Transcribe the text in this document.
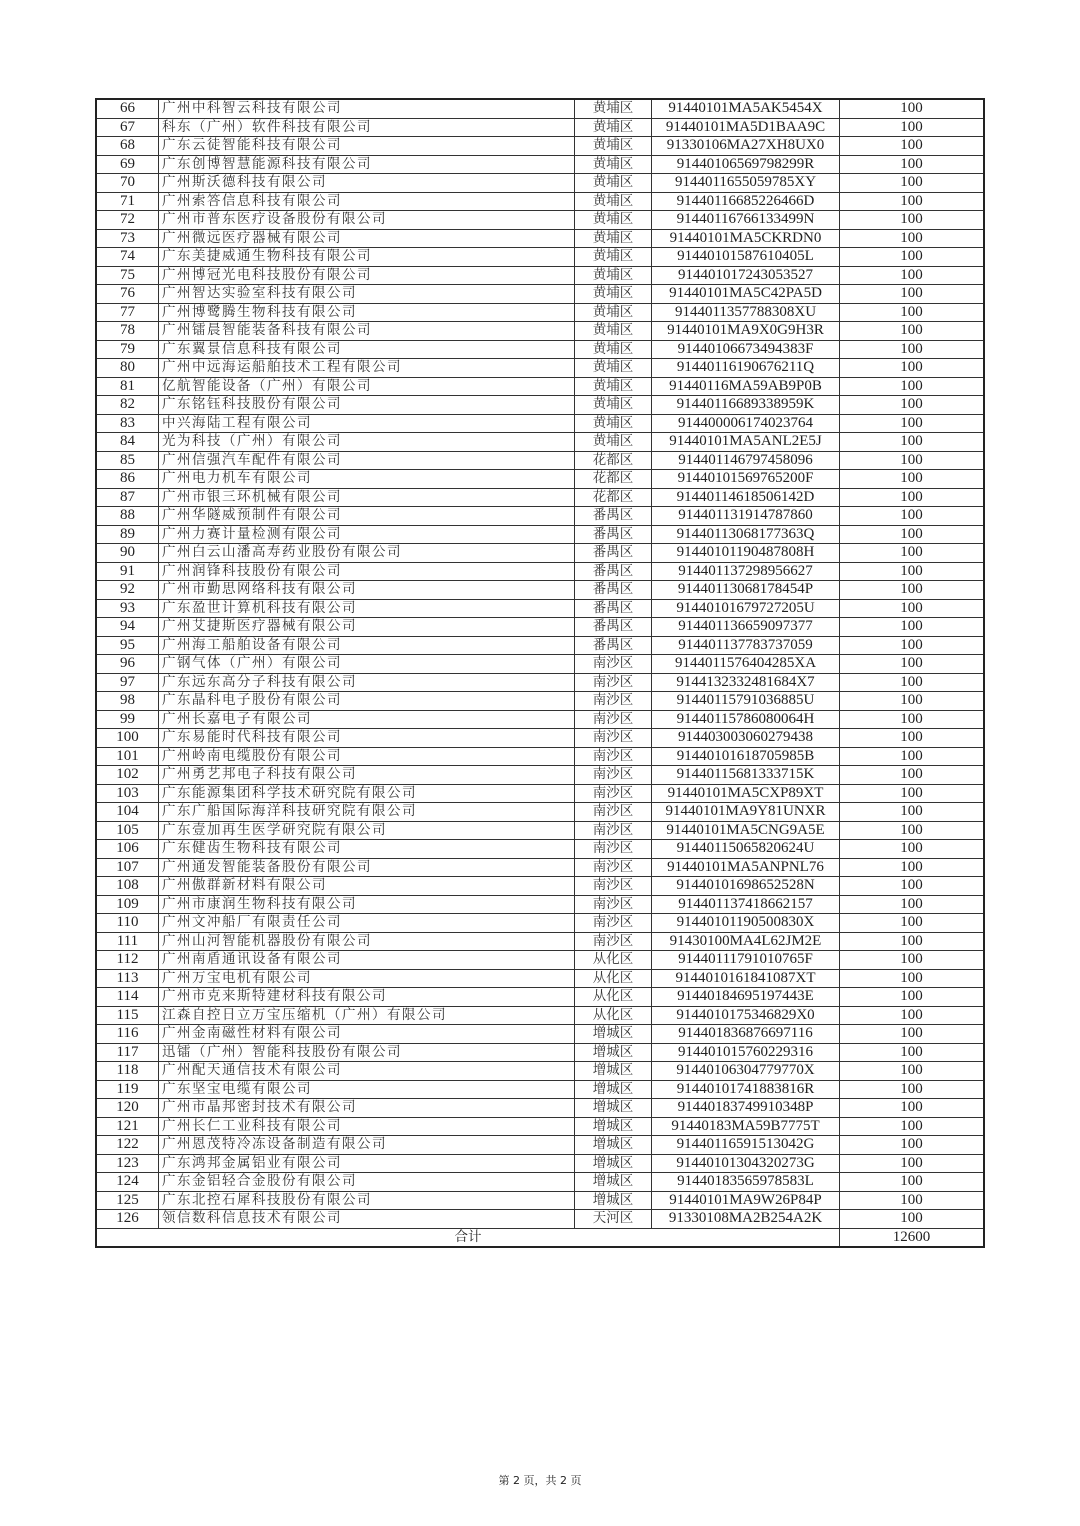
66	广州中科智云科技有限公司	黄埔区	91440101MA5AK5454X	100
67	科东（广州）软件科技有限公司	黄埔区	91440101MA5D1BAA9C	100
68	广东云徒智能科技有限公司	黄埔区	91330106MA27XH8UX0	100
69	广东创博智慧能源科技有限公司	黄埔区	914401065697982​99R	100
70	广州斯沃德科技有限公司	黄埔区	91440116550597​85XY	100
71	广州索答信息科技有限公司	黄埔区	91440116685226466D	100
72	广州市普东医疗设备股份有限公司	黄埔区	91440116766133499N	100
73	广州微远医疗器械有限公司	黄埔区	91440101MA5CKRDN0	100
74	广东美捷威通生物科技有限公司	黄埔区	91440101587610405L	100
75	广州博冠光电科技股份有限公司	黄埔区	91440101724305352​7	100
76	广州智达实验室科技有限公司	黄埔区	91440101MA5C42PA5D	100
77	广州博鹭腾生物科技有限公司	黄埔区	91440113577883​08XU	100
78	广州镭晨智能装备科技有限公司	黄埔区	91440101MA9X0G9H3R	100
79	广东翼景信息科技有限公司	黄埔区	91440106673494383F	100
80	广州中远海运船舶技术工程有限公司	黄埔区	91440116190676211Q	100
81	亿航智能设备（广州）有限公司	黄埔区	91440116MA59AB9P0B	100
82	广东铭钰科技股份有限公司	黄埔区	91440116689338959K	100
83	中兴海陆工程有限公司	黄埔区	914400006174023764	100
84	光为科技（广州）有限公司	黄埔区	91440101MA5ANL2E5J	100
85	广州信强汽车配件有限公司	花都区	914401146797458096	100
86	广州电力机车有限公司	花都区	91440101569765200F	100
87	广州市银三环机械有限公司	花都区	91440114618506142D	100
88	广州华隧威预制件有限公司	番禺区	914401131914787860	100
89	广州力赛计量检测有限公司	番禺区	91440113068177363Q	100
90	广州白云山潘高寿药业股份有限公司	番禺区	91440101190487808H	100
91	广州润锋科技股份有限公司	番禺区	914401137298956627	100
92	广州市勤思网络科技有限公司	番禺区	91440113068178454P	100
93	广东盈世计算机科技有限公司	番禺区	91440101679727205U	100
94	广州艾捷斯医疗器械有限公司	番禺区	914401136659097377	100
95	广州海工船舶设备有限公司	番禺区	914401137783737059	100
96	广钢气体（广州）有限公司	南沙区	91440115764042​85XA	100
97	广东远东高分子科技有限公司	南沙区	914413233248168​4X7	100
98	广东晶科电子股份有限公司	南沙区	91440115791036885U	100
99	广州长嘉电子有限公司	南沙区	91440115786080064H	100
100	广东易能时代科技有限公司	南沙区	914403003060279438	100
101	广州岭南电缆股份有限公司	南沙区	91440101618705985B	100
102	广州勇艺邦电子科技有限公司	南沙区	91440115681333715K	100
103	广东能源集团科学技术研究院有限公司	南沙区	91440101MA5CXP89XT	100
104	广东广船国际海洋科技研究院有限公司	南沙区	91440101MA9Y81UNXR	100
105	广东壹加再生医学研究院有限公司	南沙区	91440101MA5CNG9A5E	100
106	广东健齿生物科技有限公司	南沙区	91440115065820624U	100
107	广州通发智能装备股份有限公司	南沙区	91440101MA5ANPNL76	100
108	广州傲群新材料有限公司	南沙区	91440101698652528N	100
109	广州市康润生物科技有限公司	南沙区	914401137418662157	100
110	广州文冲船厂有限责任公司	南沙区	91440101190500830X	100
111	广州山河智能机器股份有限公司	南沙区	91430100MA4L62JM2E	100
112	广州南盾通讯设备有限公司	从化区	91440111791010765F	100
113	广州万宝电机有限公司	从化区	91440101618410​87XT	100
114	广州市克来斯特建材科技有限公司	从化区	91440184695197443E	100
115	江森自控日立万宝压缩机（广州）有限公司	从化区	91440101753468​29X0	100
116	广州金南磁性材料有限公司	增城区	914401836876697116	100
117	迅镭（广州）智能科技股份有限公司	增城区	914401015760229316	100
118	广州配天通信技术有限公司	增城区	91440106304779770X	100
119	广东坚宝电缆有限公司	增城区	91440101741883816R	100
120	广州市晶邦密封技术有限公司	增城区	91440183749910348P	100
121	广州长仁工业科技有限公司	增城区	91440183MA59B7775T	100
122	广州恩茂特冷冻设备制造有限公司	增城区	91440116591513042G	100
123	广东鸿邦金属铝业有限公司	增城区	91440101304320273G	100
124	广东金铝轻合金股份有限公司	增城区	91440183565978583L	100
125	广东北控石犀科技股份有限公司	增城区	91440101MA9W26P84P	100
126	领信数科信息技术有限公司	天河区	91330108MA2B254A2K	100
合计				12600
第 2 页，共 2 页
